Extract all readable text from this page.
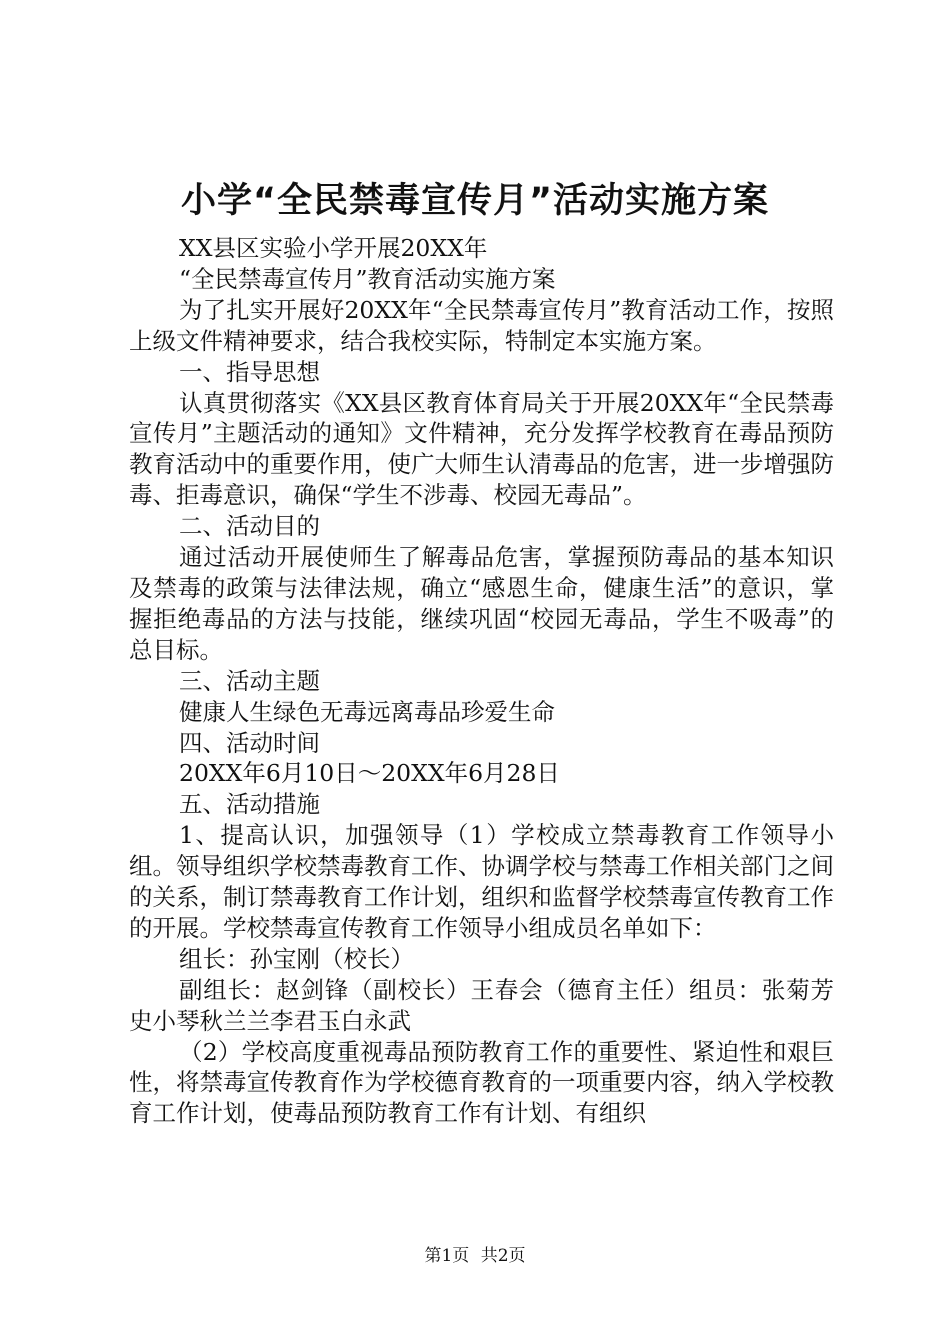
小学“全民禁毒宣传月”活动实施方案

XX县区实验小学开展20XX年

“全民禁毒宣传月”教育活动实施方案

为了扎实开展好20XX年“全民禁毒宣传月”教育活动工作，按照上级文件精神要求，结合我校实际，特制定本实施方案。

一、指导思想

认真贯彻落实《XX县区教育体育局关于开展20XX年“全民禁毒宣传月”主题活动的通知》文件精神，充分发挥学校教育在毒品预防教育活动中的重要作用，使广大师生认清毒品的危害，进一步增强防毒、拒毒意识，确保“学生不涉毒、校园无毒品”。

二、活动目的

通过活动开展使师生了解毒品危害，掌握预防毒品的基本知识及禁毒的政策与法律法规，确立“感恩生命，健康生活”的意识，掌握拒绝毒品的方法与技能，继续巩固“校园无毒品，学生不吸毒”的总目标。

三、活动主题

健康人生绿色无毒远离毒品珍爱生命

四、活动时间

20XX年6月10日～20XX年6月28日

五、活动措施

1、提高认识，加强领导（1）学校成立禁毒教育工作领导小组。领导组织学校禁毒教育工作、协调学校与禁毒工作相关部门之间的关系，制订禁毒教育工作计划，组织和监督学校禁毒宣传教育工作的开展。学校禁毒宣传教育工作领导小组成员名单如下：

组长：孙宝刚（校长）

副组长：赵剑锋（副校长）王春会（德育主任）组员：张菊芳史小琴秋兰兰李君玉白永武

（2）学校高度重视毒品预防教育工作的重要性、紧迫性和艰巨性，将禁毒宣传教育作为学校德育教育的一项重要内容，纳入学校教育工作计划，使毒品预防教育工作有计划、有组织

第1页 共2页
